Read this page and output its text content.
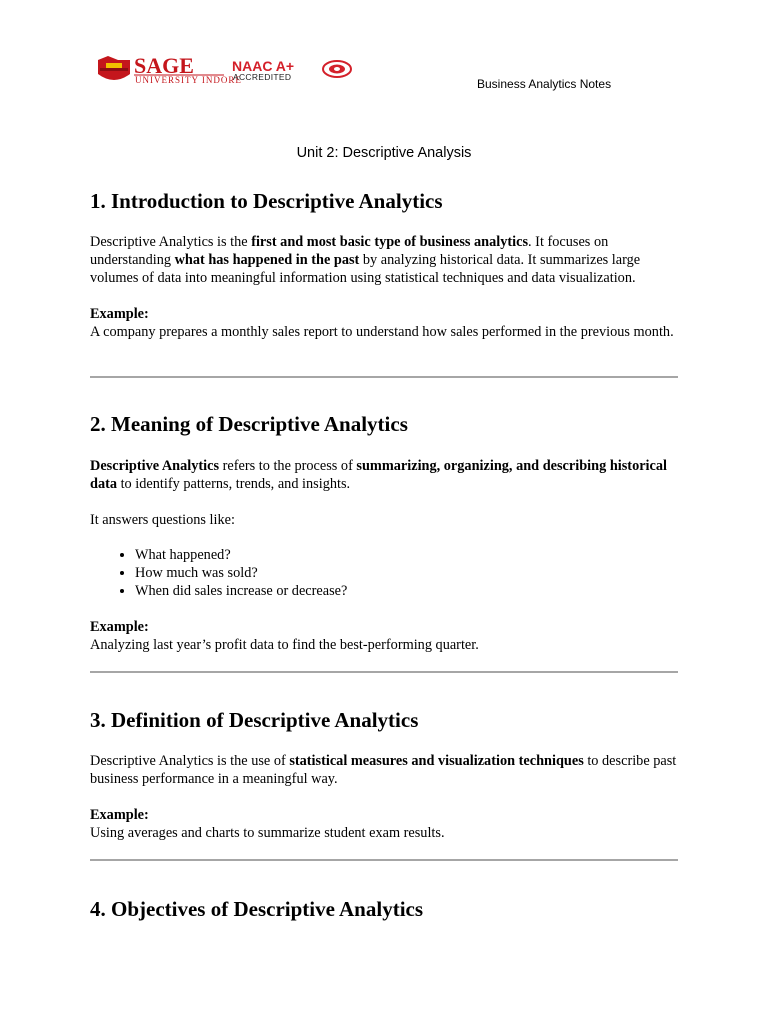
SAGE
UNIVERSITY INDORE
NAAC A+
ACCREDITED	Business Analytics Notes
Unit 2: Descriptive Analysis
1. Introduction to Descriptive Analytics

Descriptive Analytics is the first and most basic type of business analytics. It focuses on understanding what has happened in the past by analyzing historical data. It summarizes large volumes of data into meaningful information using statistical techniques and data visualization.

Example:
A company prepares a monthly sales report to understand how sales performed in the previous month.

2. Meaning of Descriptive Analytics

Descriptive Analytics refers to the process of summarizing, organizing, and describing historical data to identify patterns, trends, and insights.

It answers questions like:

• What happened?
• How much was sold?
• When did sales increase or decrease?

Example:
Analyzing last year’s profit data to find the best-performing quarter.

3. Definition of Descriptive Analytics

Descriptive Analytics is the use of statistical measures and visualization techniques to describe past business performance in a meaningful way.

Example:
Using averages and charts to summarize student exam results.

4. Objectives of Descriptive Analytics
